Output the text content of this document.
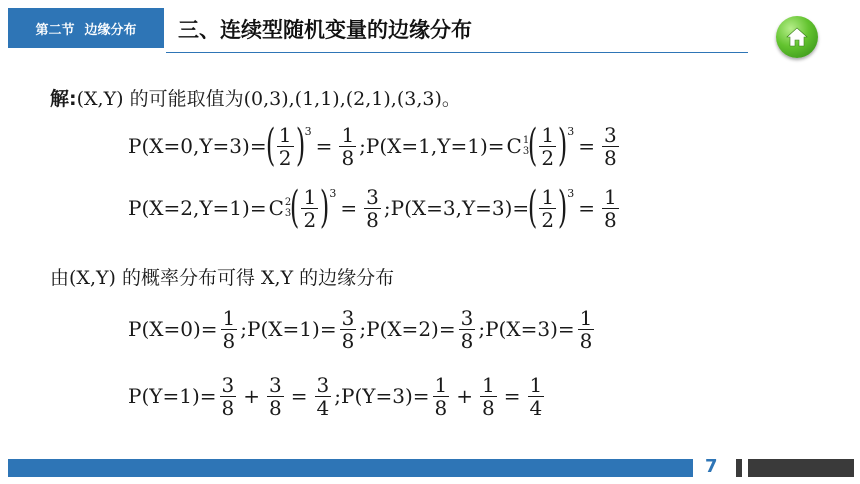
第二节 边缘分布 三、连续型随机变量的边缘分布
解: (X,Y) 的可能取值为(0,3),(1,1),(2,1),(3,3)。
P(X=0,Y=3)=
( $\frac{1}{2}$ ) 3
= $\frac{1}{8}$ ; P(X=1,Y=1)= C 1
3
( $\frac{1}{2}$ ) 3
= $\frac{3}{8}$
P(X=2,Y=1)= C 2
3
( $\frac{1}{2}$ ) 3
= $\frac{3}{8}$ ; P(X=3,Y=3)=
( $\frac{1}{2}$ ) 3
= $\frac{1}{8}$
由(X,Y) 的概率分布可得 X,Y 的边缘分布
$P(X=0)= \frac{1}{8}$ ; $P(X=1)= \frac{3}{8}$ ; $P(X=2)= \frac{3}{8}$ ; $P(X=3)= \frac{1}{8}$
$P(Y=1)= \frac{3}{8} + \frac{3}{8} = \frac{3}{4}$ ; $P(Y=3)= \frac{1}{8} + \frac{1}{8} = \frac{1}{4}$
7
